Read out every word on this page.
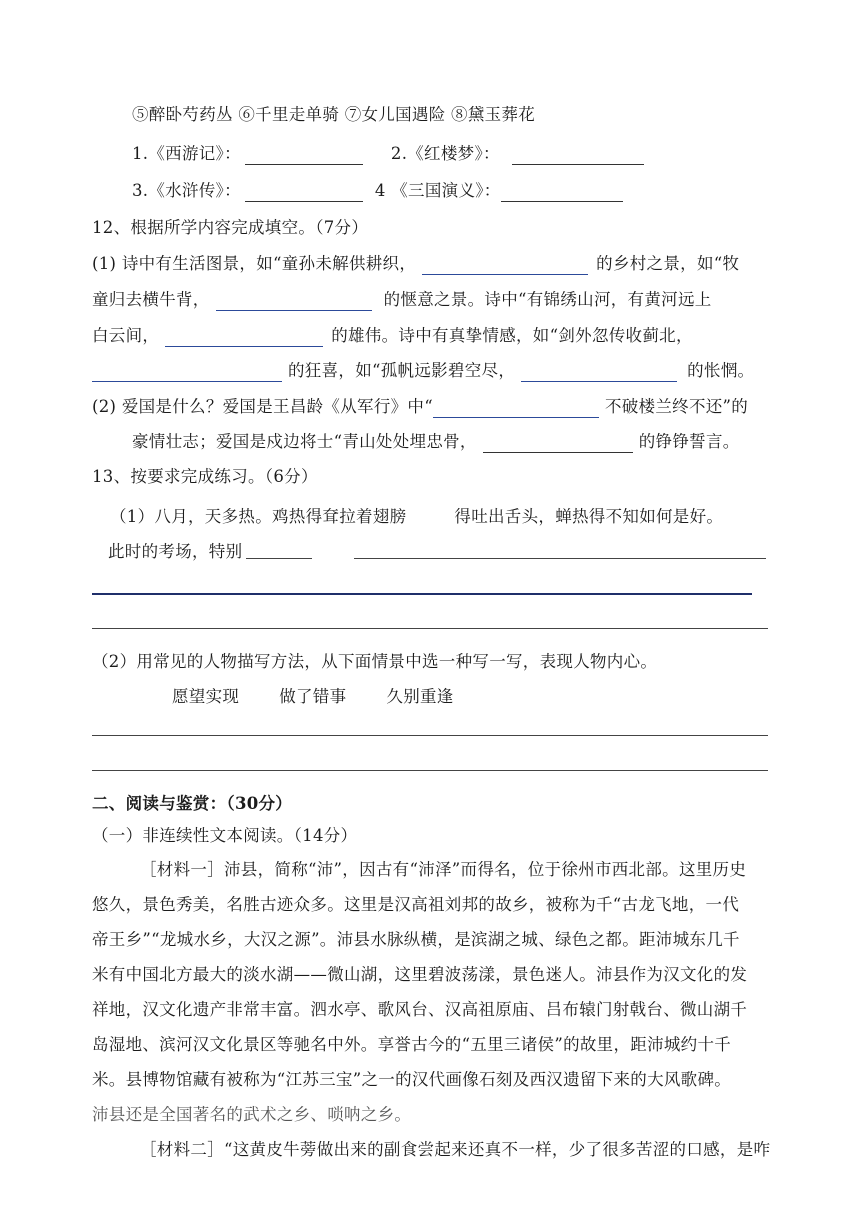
⑤醉卧芍药丛 ⑥千里走单骑 ⑦女儿国遇险 ⑧黛玉葬花
1.《西游记》：	2.《红楼梦》：
3.《水浒传》：	4 《三国演义》：
12、根据所学内容完成填空。（7分）
(1) 诗中有生活图景，如“童孙未解供耕织，	的乡村之景，如“牧
童归去横牛背，	的惬意之景。诗中“有锦绣山河，有黄河远上
白云间，	的雄伟。诗中有真挚情感，如“剑外忽传收蓟北，
的狂喜，如“孤帆远影碧空尽，	的怅惘。
(2) 爱国是什么？爱国是王昌龄《从军行》中“	不破楼兰终不还”的
豪情壮志；爱国是戍边将士“青山处处埋忠骨，	的铮铮誓言。
13、按要求完成练习。（6分）
（1）八月，天多热。鸡热得耷拉着翅膀	得吐出舌头，蝉热得不知如何是好。
此时的考场，特别
（2）用常见的人物描写方法，从下面情景中选一种写一写，表现人物内心。
愿望实现 做了错事 久别重逢
二、阅读与鉴赏：（30分）
（一）非连续性文本阅读。（14分）
［材料一］沛县，简称“沛”，因古有“沛泽”而得名，位于徐州市西北部。这里历史
悠久，景色秀美，名胜古迹众多。这里是汉高祖刘邦的故乡，被称为千“古龙飞地，一代
帝王乡”“龙城水乡，大汉之源”。沛县水脉纵横，是滨湖之城、绿色之都。距沛城东几千
米有中国北方最大的淡水湖——微山湖，这里碧波荡漾，景色迷人。沛县作为汉文化的发
祥地，汉文化遗产非常丰富。泗水亭、歌风台、汉高祖原庙、吕布辕门射戟台、微山湖千
岛湿地、滨河汉文化景区等驰名中外。享誉古今的“五里三诸侯”的故里，距沛城约十千
米。县博物馆藏有被称为“江苏三宝”之一的汉代画像石刻及西汉遗留下来的大风歌碑。
沛县还是全国著名的武术之乡、唢呐之乡。
［材料二］“这黄皮牛蒡做出来的副食尝起来还真不一样，少了很多苦涩的口感，是咋
